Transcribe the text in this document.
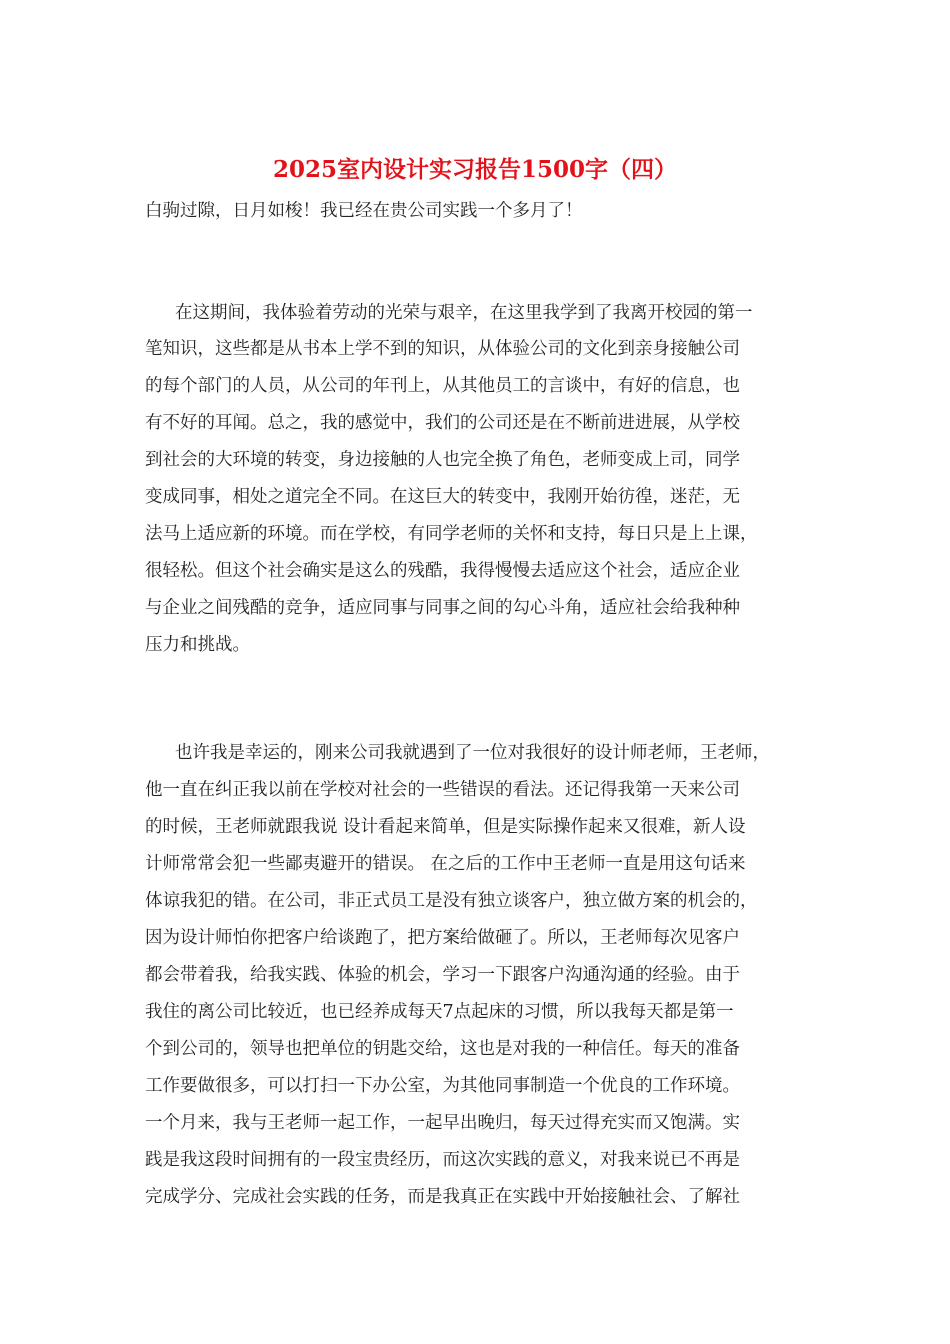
2025室内设计实习报告1500字（四）

白驹过隙，日月如梭！我已经在贵公司实践一个多月了！

在这期间，我体验着劳动的光荣与艰辛，在这里我学到了我离开校园的第一

笔知识，这些都是从书本上学不到的知识，从体验公司的文化到亲身接触公司

的每个部门的人员，从公司的年刊上，从其他员工的言谈中，有好的信息，也

有不好的耳闻。总之，我的感觉中，我们的公司还是在不断前进进展，从学校

到社会的大环境的转变，身边接触的人也完全换了角色，老师变成上司，同学

变成同事，相处之道完全不同。在这巨大的转变中，我刚开始彷徨，迷茫，无

法马上适应新的环境。而在学校，有同学老师的关怀和支持，每日只是上上课，

很轻松。但这个社会确实是这么的残酷，我得慢慢去适应这个社会，适应企业

与企业之间残酷的竞争，适应同事与同事之间的勾心斗角，适应社会给我种种

压力和挑战。

也许我是幸运的，刚来公司我就遇到了一位对我很好的设计师老师，王老师，

他一直在纠正我以前在学校对社会的一些错误的看法。还记得我第一天来公司

的时候，王老师就跟我说 设计看起来简单，但是实际操作起来又很难，新人设

计师常常会犯一些鄙夷避开的错误。 在之后的工作中王老师一直是用这句话来

体谅我犯的错。在公司，非正式员工是没有独立谈客户，独立做方案的机会的，

因为设计师怕你把客户给谈跑了，把方案给做砸了。所以，王老师每次见客户

都会带着我，给我实践、体验的机会，学习一下跟客户沟通沟通的经验。由于

我住的离公司比较近，也已经养成每天7点起床的习惯，所以我每天都是第一

个到公司的，领导也把单位的钥匙交给，这也是对我的一种信任。每天的准备

工作要做很多，可以打扫一下办公室，为其他同事制造一个优良的工作环境。

一个月来，我与王老师一起工作，一起早出晚归，每天过得充实而又饱满。实

践是我这段时间拥有的一段宝贵经历，而这次实践的意义，对我来说已不再是

完成学分、完成社会实践的任务，而是我真正在实践中开始接触社会、了解社
